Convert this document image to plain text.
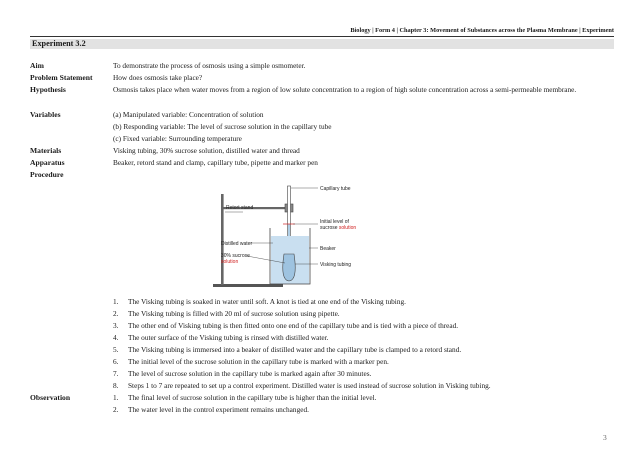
Biology | Form 4 | Chapter 3: Movement of Substances across the Plasma Membrane | Experiment
Experiment 3.2
Aim	To demonstrate the process of osmosis using a simple osmometer.
Problem Statement	How does osmosis take place?
Hypothesis	Osmosis takes place when water moves from a region of low solute concentration to a region of high solute concentration across a semi-permeable membrane.
Variables	(a) Manipulated variable: Concentration of solution
(b) Responding variable: The level of sucrose solution in the capillary tube
(c) Fixed variable: Surrounding temperature
Materials	Visking tubing, 30% sucrose solution, distilled water and thread
Apparatus	Beaker, retord stand and clamp, capillary tube, pipette and marker pen
Procedure
Capillary tube
Retort stand
Initial level of
sucrose solution
Distilled water
Beaker
30% sucrose
solution	Visking tubing
1. The Visking tubing is soaked in water until soft. A knot is tied at one end of the Visking tubing.
2. The Visking tubing is filled with 20 ml of sucrose solution using pipette.
3. The other end of Visking tubing is then fitted onto one end of the capillary tube and is tied with a piece of thread.
4. The outer surface of the Visking tubing is rinsed with distilled water.
5. The Visking tubing is immersed into a beaker of distilled water and the capillary tube is clamped to a retord stand.
6. The initial level of the sucrose solution in the capillary tube is marked with a marker pen.
7. The level of sucrose solution in the capillary tube is marked again after 30 minutes.
8. Steps 1 to 7 are repeated to set up a control experiment. Distilled water is used instead of sucrose solution in Visking tubing.
Observation	1. The final level of sucrose solution in the capillary tube is higher than the initial level.
2. The water level in the control experiment remains unchanged.
3
